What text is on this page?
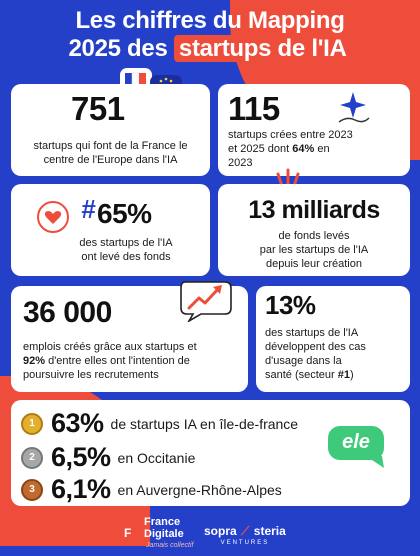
Les chiffres du Mapping
2025 des startups de l'IA
751
startups qui font de la France le
centre de l'Europe dans l'IA
115
startups crées entre 2023
et 2025 dont 64% en
2023
# 65%
des startups de l'IA
ont levé des fonds
13 milliards
de fonds levés
par les startups de l'IA
depuis leur création
36 000
emplois créés grâce aux startups et
92% d'entre elles ont l'intention de
poursuivre les recrutements
13%
des startups de l'IA
développent des cas
d'usage dans la
santé (secteur #1)
1 63% de startups IA en île-de-france
2 6,5% en Occitanie
3 6,1% en Auvergne-Rhône-Alpes
ele
F
France
Digitale
Jamais collectif
sopra ⟋ steria
VENTURES
